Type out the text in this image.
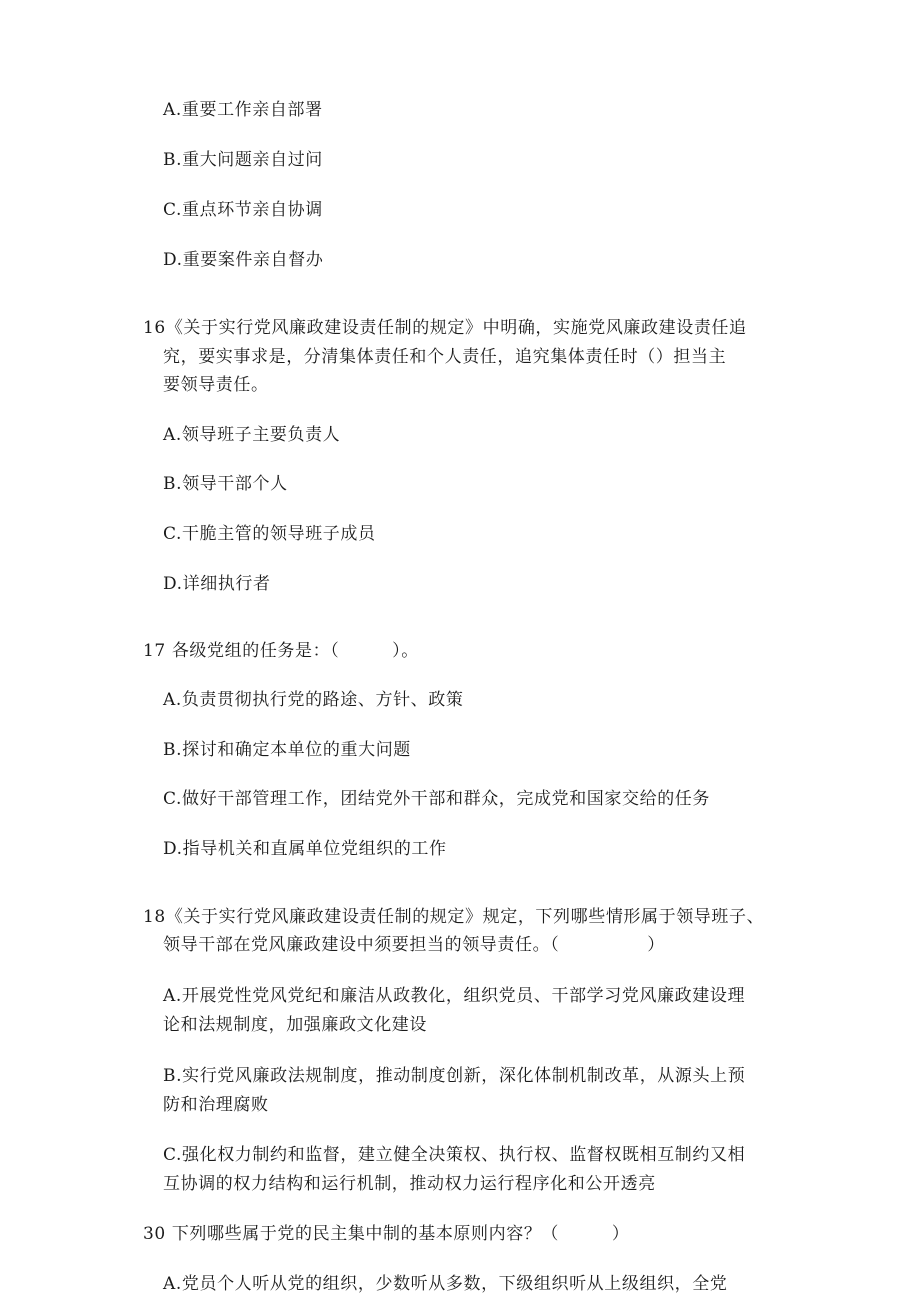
A.重要工作亲自部署
B.重大问题亲自过问
C.重点环节亲自协调
D.重要案件亲自督办
16《关于实行党风廉政建设责任制的规定》中明确，实施党风廉政建设责任追
究，要实事求是，分清集体责任和个人责任，追究集体责任时（）担当主
要领导责任。
A.领导班子主要负责人
B.领导干部个人
C.干脆主管的领导班子成员
D.详细执行者
17 各级党组的任务是：（　　　）。
A.负责贯彻执行党的路途、方针、政策
B.探讨和确定本单位的重大问题
C.做好干部管理工作，团结党外干部和群众，完成党和国家交给的任务
D.指导机关和直属单位党组织的工作
18《关于实行党风廉政建设责任制的规定》规定，下列哪些情形属于领导班子、
领导干部在党风廉政建设中须要担当的领导责任。（　　　　　）
A.开展党性党风党纪和廉洁从政教化，组织党员、干部学习党风廉政建设理
论和法规制度，加强廉政文化建设
B.实行党风廉政法规制度，推动制度创新，深化体制机制改革，从源头上预
防和治理腐败
C.强化权力制约和监督，建立健全决策权、执行权、监督权既相互制约又相
互协调的权力结构和运行机制，推动权力运行程序化和公开透亮
30 下列哪些属于党的民主集中制的基本原则内容？（　　　）
A.党员个人听从党的组织，少数听从多数，下级组织听从上级组织，全党
